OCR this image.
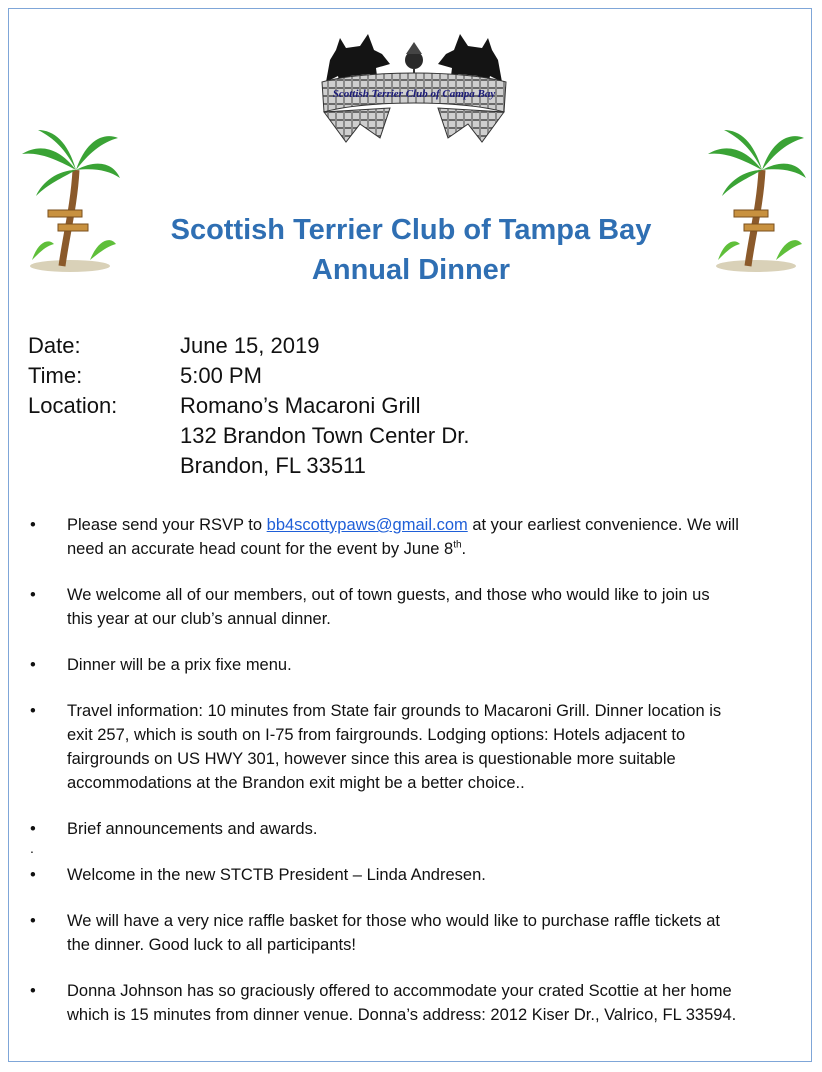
Scottish Terrier Club of Campa Bay
Scottish Terrier Club of Tampa Bay
Annual Dinner
Date:	June 15, 2019
Time:	5:00 PM
Location:	Romano’s Macaroni Grill
132 Brandon Town Center Dr.
Brandon, FL 33511
• Please send your RSVP to bb4scottypaws@gmail.com at your earliest convenience. We will
need an accurate head count for the event by June 8th.
• We welcome all of our members, out of town guests, and those who would like to join us
this year at our club’s annual dinner.
• Dinner will be a prix fixe menu.
• Travel information: 10 minutes from State fair grounds to Macaroni Grill. Dinner location is
exit 257, which is south on I-75 from fairgrounds. Lodging options: Hotels adjacent to
fairgrounds on US HWY 301, however since this area is questionable more suitable
accommodations at the Brandon exit might be a better choice..
• Brief announcements and awards.
.
• Welcome in the new STCTB President – Linda Andresen.
• We will have a very nice raffle basket for those who would like to purchase raffle tickets at
the dinner. Good luck to all participants!
• Donna Johnson has so graciously offered to accommodate your crated Scottie at her home
which is 15 minutes from dinner venue. Donna’s address: 2012 Kiser Dr., Valrico, FL 33594.
